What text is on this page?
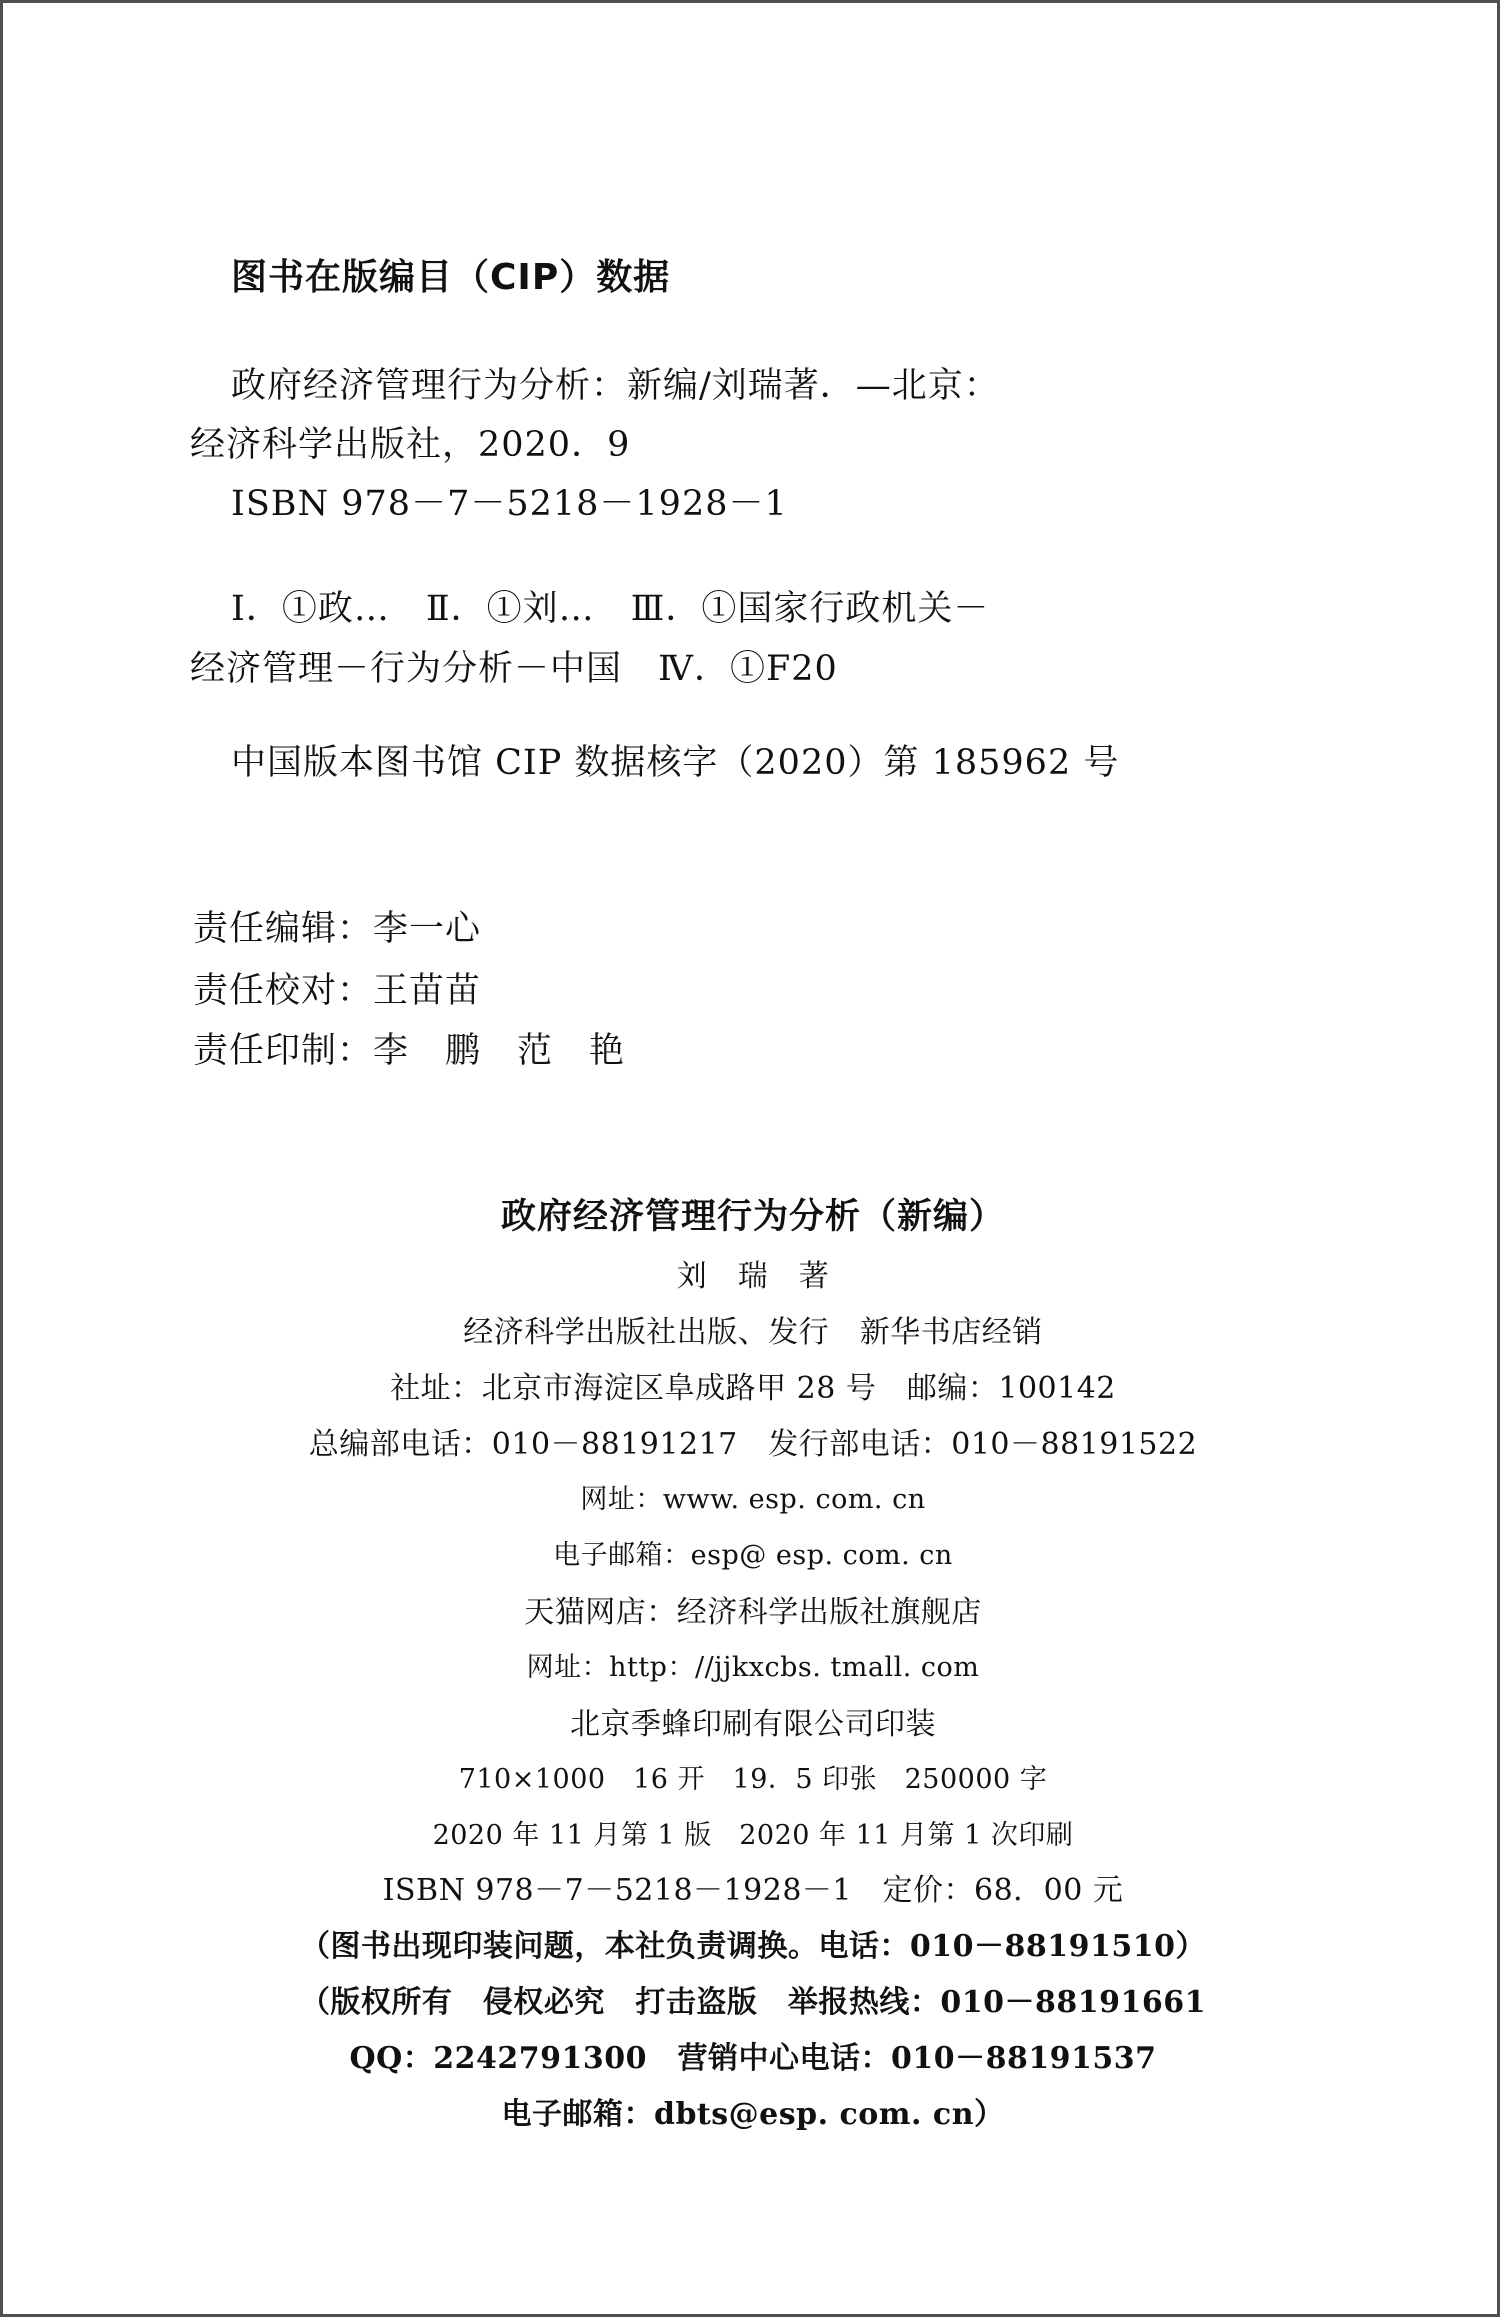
图书在版编目（CIP）数据
政府经济管理行为分析：新编/刘瑞著．—北京：
经济科学出版社，2020．9
ISBN 978－7－5218－1928－1
Ⅰ．①政…　Ⅱ．①刘…　Ⅲ．①国家行政机关－
经济管理－行为分析－中国　Ⅳ．①F20
中国版本图书馆 CIP 数据核字（2020）第 185962 号
责任编辑：李一心
责任校对：王苗苗
责任印制：李　鹏　范　艳
政府经济管理行为分析（新编）
刘　瑞　著
经济科学出版社出版、发行　新华书店经销
社址：北京市海淀区阜成路甲 28 号　邮编：100142
总编部电话：010－88191217　发行部电话：010－88191522
网址：www. esp. com. cn
电子邮箱：esp@ esp. com. cn
天猫网店：经济科学出版社旗舰店
网址：http：//jjkxcbs. tmall. com
北京季蜂印刷有限公司印装
710×1000　16 开　19．5 印张　250000 字
2020 年 11 月第 1 版　2020 年 11 月第 1 次印刷
ISBN 978－7－5218－1928－1　定价：68．00 元
（图书出现印装问题，本社负责调换。电话：010－88191510）
（版权所有　侵权必究　打击盗版　举报热线：010－88191661
QQ：2242791300　营销中心电话：010－88191537
电子邮箱：dbts@esp. com. cn）
